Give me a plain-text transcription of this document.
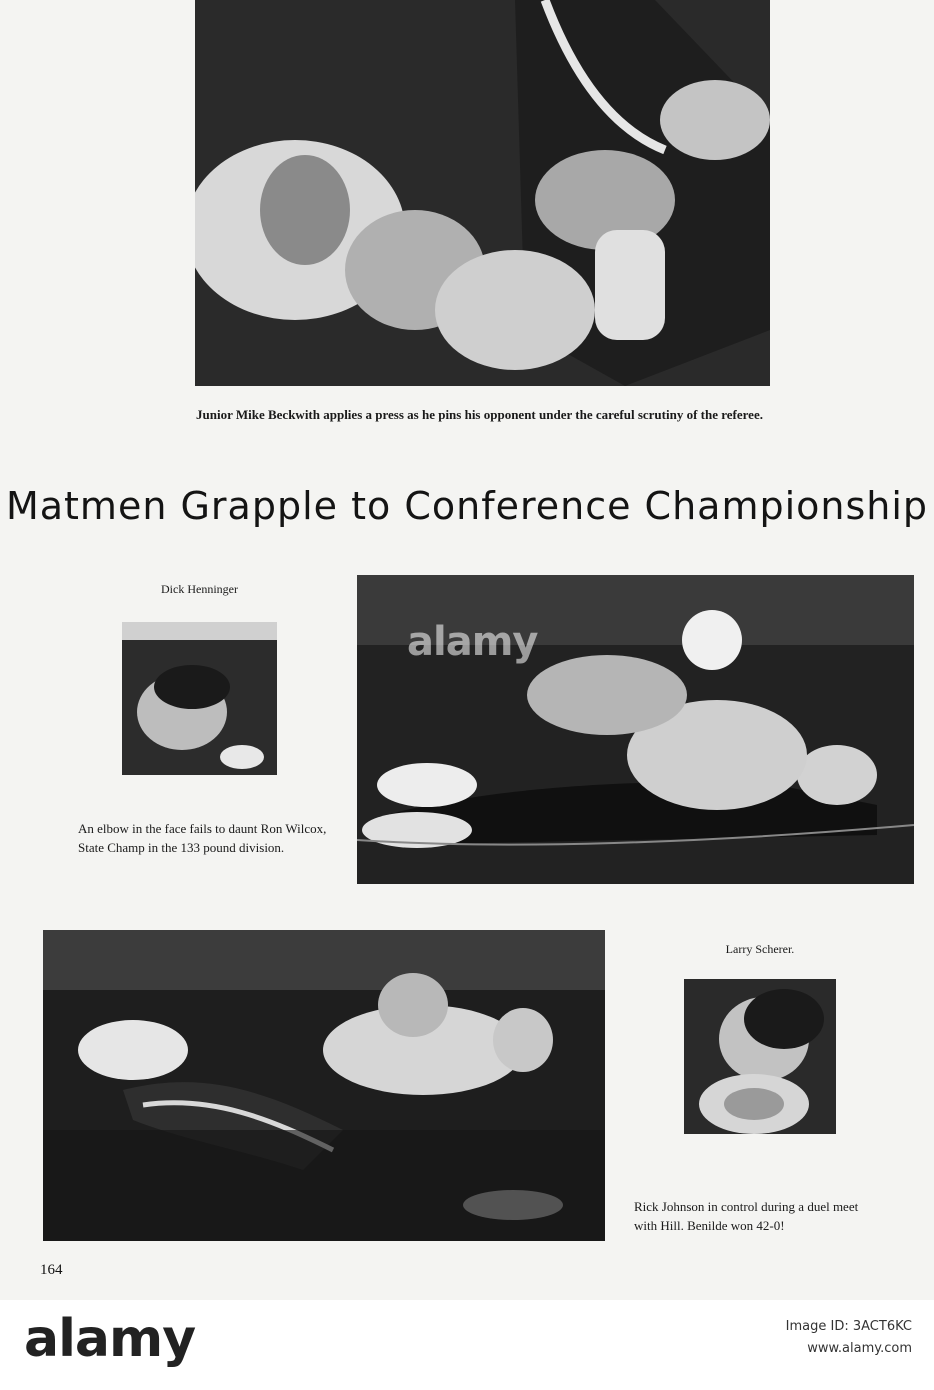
Junior Mike Beckwith applies a press as he pins his opponent under the careful scrutiny of the referee.
Matmen Grapple to Conference Championship
Dick Henninger
alamy
An elbow in the face fails to daunt Ron Wilcox, State Champ in the 133 pound division.
Larry Scherer.
Rick Johnson in control during a duel meet with Hill. Benilde won 42-0!
164
alamy	Image ID: 3ACT6KC
www.alamy.com
